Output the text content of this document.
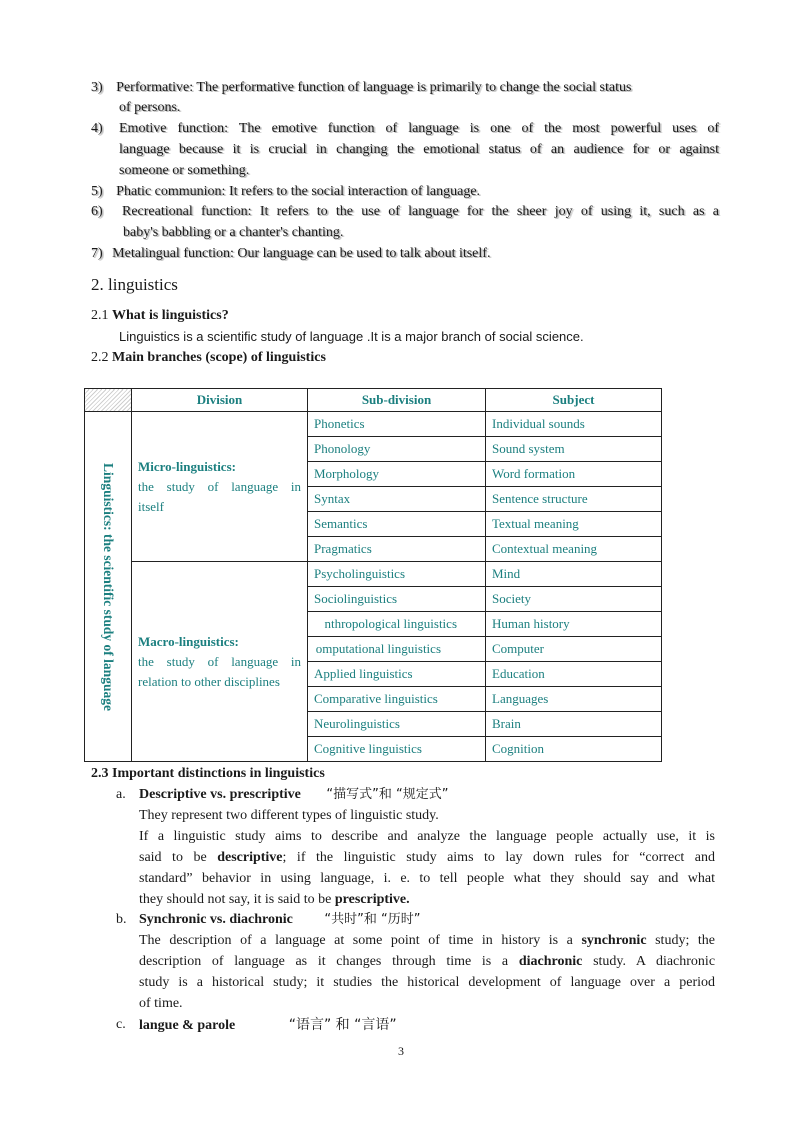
3) Performative: The performative function of language is primarily to change the social status
of persons.
4) Emotive function: The emotive function of language is one of the most powerful uses of
language because it is crucial in changing the emotional status of an audience for or against
someone or something.
5) Phatic communion: It refers to the social interaction of language.
6) Recreational function: It refers to the use of language for the sheer joy of using it, such as a
baby's babbling or a chanter's chanting.
7) Metalingual function: Our language can be used to talk about itself.
2. linguistics
2.1 What is linguistics?
Linguistics is a scientific study of language .It is a major branch of social science.
2.2 Main branches (scope) of linguistics
	Division	Sub-division	Subject

Linguistics: the scientific study of language	Micro-linguistics:
the study of language in
itself	Phonetics	Individual sounds
		Phonology	Sound system
		Morphology	Word formation
		Syntax	Sentence structure
		Semantics	Textual meaning
		Pragmatics	Contextual meaning

	Macro-linguistics:
the study of language in
relation to other disciplines	Psycholinguistics	Mind
		Sociolinguistics	Society
		nthropological linguistics	Human history
		omputational linguistics	Computer
		Applied linguistics	Education
		Comparative linguistics	Languages
		Neurolinguistics	Brain
		Cognitive linguistics	Cognition
2.3 Important distinctions in linguistics
a. Descriptive vs. prescriptive “描写式”和 “规定式”
They represent two different types of linguistic study.
If a linguistic study aims to describe and analyze the language people actually use, it is
said to be descriptive; if the linguistic study aims to lay down rules for “correct and
standard” behavior in using language, i. e. to tell people what they should say and what
they should not say, it is said to be prescriptive.
b. Synchronic vs. diachronic “共时”和 “历时”
The description of a language at some point of time in history is a synchronic study; the
description of language as it changes through time is a diachronic study. A diachronic
study is a historical study; it studies the historical development of language over a period
of time.
c. langue & parole	“语言” 和 “言语”
3
